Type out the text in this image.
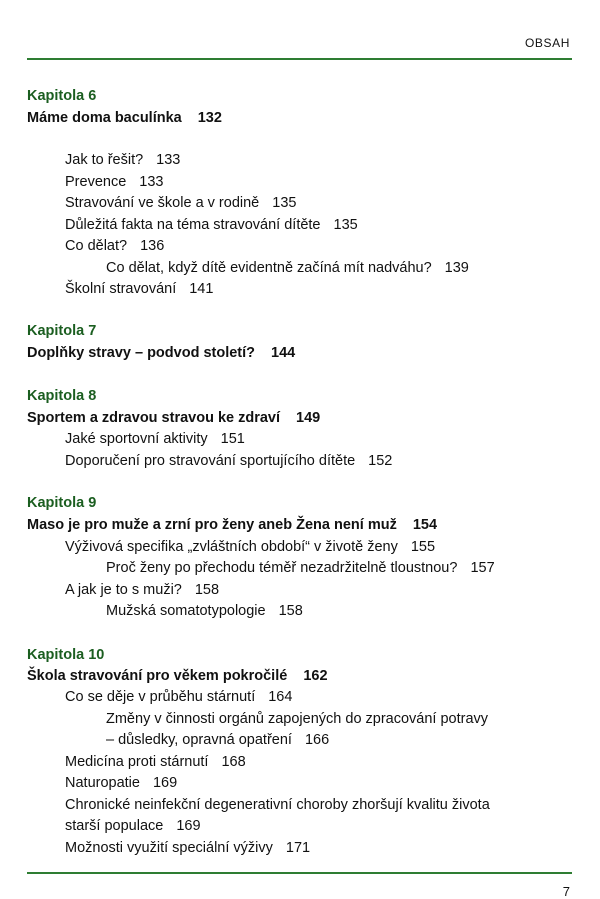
OBSAH
Kapitola 6
Máme doma baculínka 132
Jak to řešit? 133
Prevence 133
Stravování ve škole a v rodině 135
Důležitá fakta na téma stravování dítěte 135
Co dělat? 136
Co dělat, když dítě evidentně začíná mít nadváhu? 139
Školní stravování 141
Kapitola 7
Doplňky stravy – podvod století? 144
Kapitola 8
Sportem a zdravou stravou ke zdraví 149
Jaké sportovní aktivity 151
Doporučení pro stravování sportujícího dítěte 152
Kapitola 9
Maso je pro muže a zrní pro ženy aneb Žena není muž 154
Výživová specifika „zvláštních období“ v životě ženy 155
Proč ženy po přechodu téměř nezadržitelně tloustnou? 157
A jak je to s muži? 158
Mužská somatotypologie 158
Kapitola 10
Škola stravování pro věkem pokročilé 162
Co se děje v průběhu stárnutí 164
Změny v činnosti orgánů zapojených do zpracování potravy
– důsledky, opravná opatření 166
Medicína proti stárnutí 168
Naturopatie 169
Chronické neinfekční degenerativní choroby zhoršují kvalitu života
starší populace 169
Možnosti využití speciální výživy 171
7
